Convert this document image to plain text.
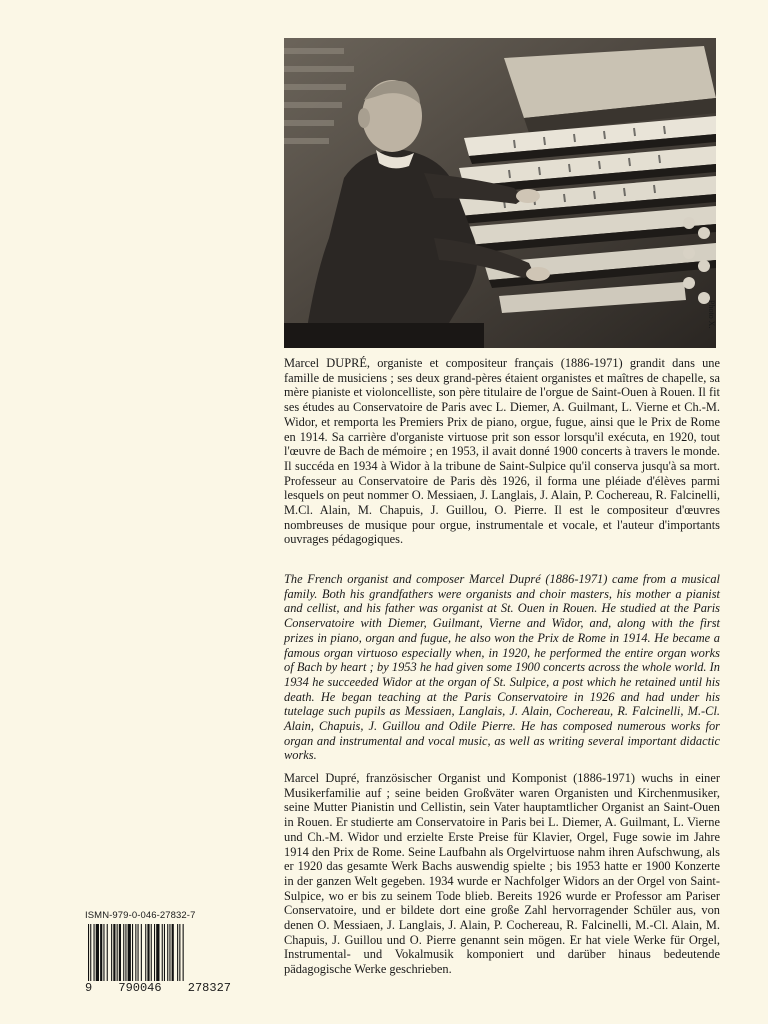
Photo X.

Marcel DUPRÉ, organiste et compositeur français (1886-1971) grandit dans une famille de musiciens ; ses deux grand-pères étaient organistes et maîtres de chapelle, sa mère pianiste et violoncelliste, son père titulaire de l'orgue de Saint-Ouen à Rouen. Il fit ses études au Conservatoire de Paris avec L. Diemer, A. Guilmant, L. Vierne et Ch.-M. Widor, et remporta les Premiers Prix de piano, orgue, fugue, ainsi que le Prix de Rome en 1914. Sa carrière d'organiste virtuose prit son essor lorsqu'il exécuta, en 1920, tout l'œuvre de Bach de mémoire ; en 1953, il avait donné 1900 concerts à travers le monde. Il succéda en 1934 à Widor à la tribune de Saint-Sulpice qu'il conserva jusqu'à sa mort. Professeur au Conservatoire de Paris dès 1926, il forma une pléiade d'élèves parmi lesquels on peut nommer O. Messiaen, J. Langlais, J. Alain, P. Cochereau, R. Falcinelli, M.Cl. Alain, M. Chapuis, J. Guillou, O. Pierre. Il est le compositeur d'œuvres nombreuses de musique pour orgue, instrumentale et vocale, et l'auteur d'importants ouvrages pédagogiques.

The French organist and composer Marcel Dupré (1886-1971) came from a musical family. Both his grandfathers were organists and choir masters, his mother a pianist and cellist, and his father was organist at St. Ouen in Rouen. He studied at the Paris Conservatoire with Diemer, Guilmant, Vierne and Widor, and, along with the first prizes in piano, organ and fugue, he also won the Prix de Rome in 1914. He became a famous organ virtuoso especially when, in 1920, he performed the entire organ works of Bach by heart ; by 1953 he had given some 1900 concerts across the whole world. In 1934 he succeeded Widor at the organ of St. Sulpice, a post which he retained until his death. He began teaching at the Paris Conservatoire in 1926 and had under his tutelage such pupils as Messiaen, Langlais, J. Alain, Cochereau, R. Falcinelli, M.-Cl. Alain, Chapuis, J. Guillou and Odile Pierre. He has composed numerous works for organ and instrumental and vocal music, as well as writing several important didactic works.

Marcel Dupré, französischer Organist und Komponist (1886-1971) wuchs in einer Musikerfamilie auf ; seine beiden Großväter waren Organisten und Kirchenmusiker, seine Mutter Pianistin und Cellistin, sein Vater hauptamtlicher Organist an Saint-Ouen in Rouen. Er studierte am Conservatoire in Paris bei L. Diemer, A. Guilmant, L. Vierne und Ch.-M. Widor und erzielte Erste Preise für Klavier, Orgel, Fuge sowie im Jahre 1914 den Prix de Rome. Seine Laufbahn als Orgelvirtuose nahm ihren Aufschwung, als er 1920 das gesamte Werk Bachs auswendig spielte ; bis 1953 hatte er 1900 Konzerte in der ganzen Welt gegeben. 1934 wurde er Nachfolger Widors an der Orgel von Saint-Sulpice, wo er bis zu seinem Tode blieb. Bereits 1926 wurde er Professor am Pariser Conservatoire, und er bildete dort eine große Zahl hervorragender Schüler aus, von denen O. Messiaen, J. Langlais, J. Alain, P. Cochereau, R. Falcinelli, M.-Cl. Alain, M. Chapuis, J. Guillou und O. Pierre genannt sein mögen. Er hat viele Werke für Orgel, Instrumental- und Vokalmusik komponiert und darüber hinaus bedeutende pädagogische Werke geschrieben.

ISMN-979-0-046-27832-7
9 790046 278327
